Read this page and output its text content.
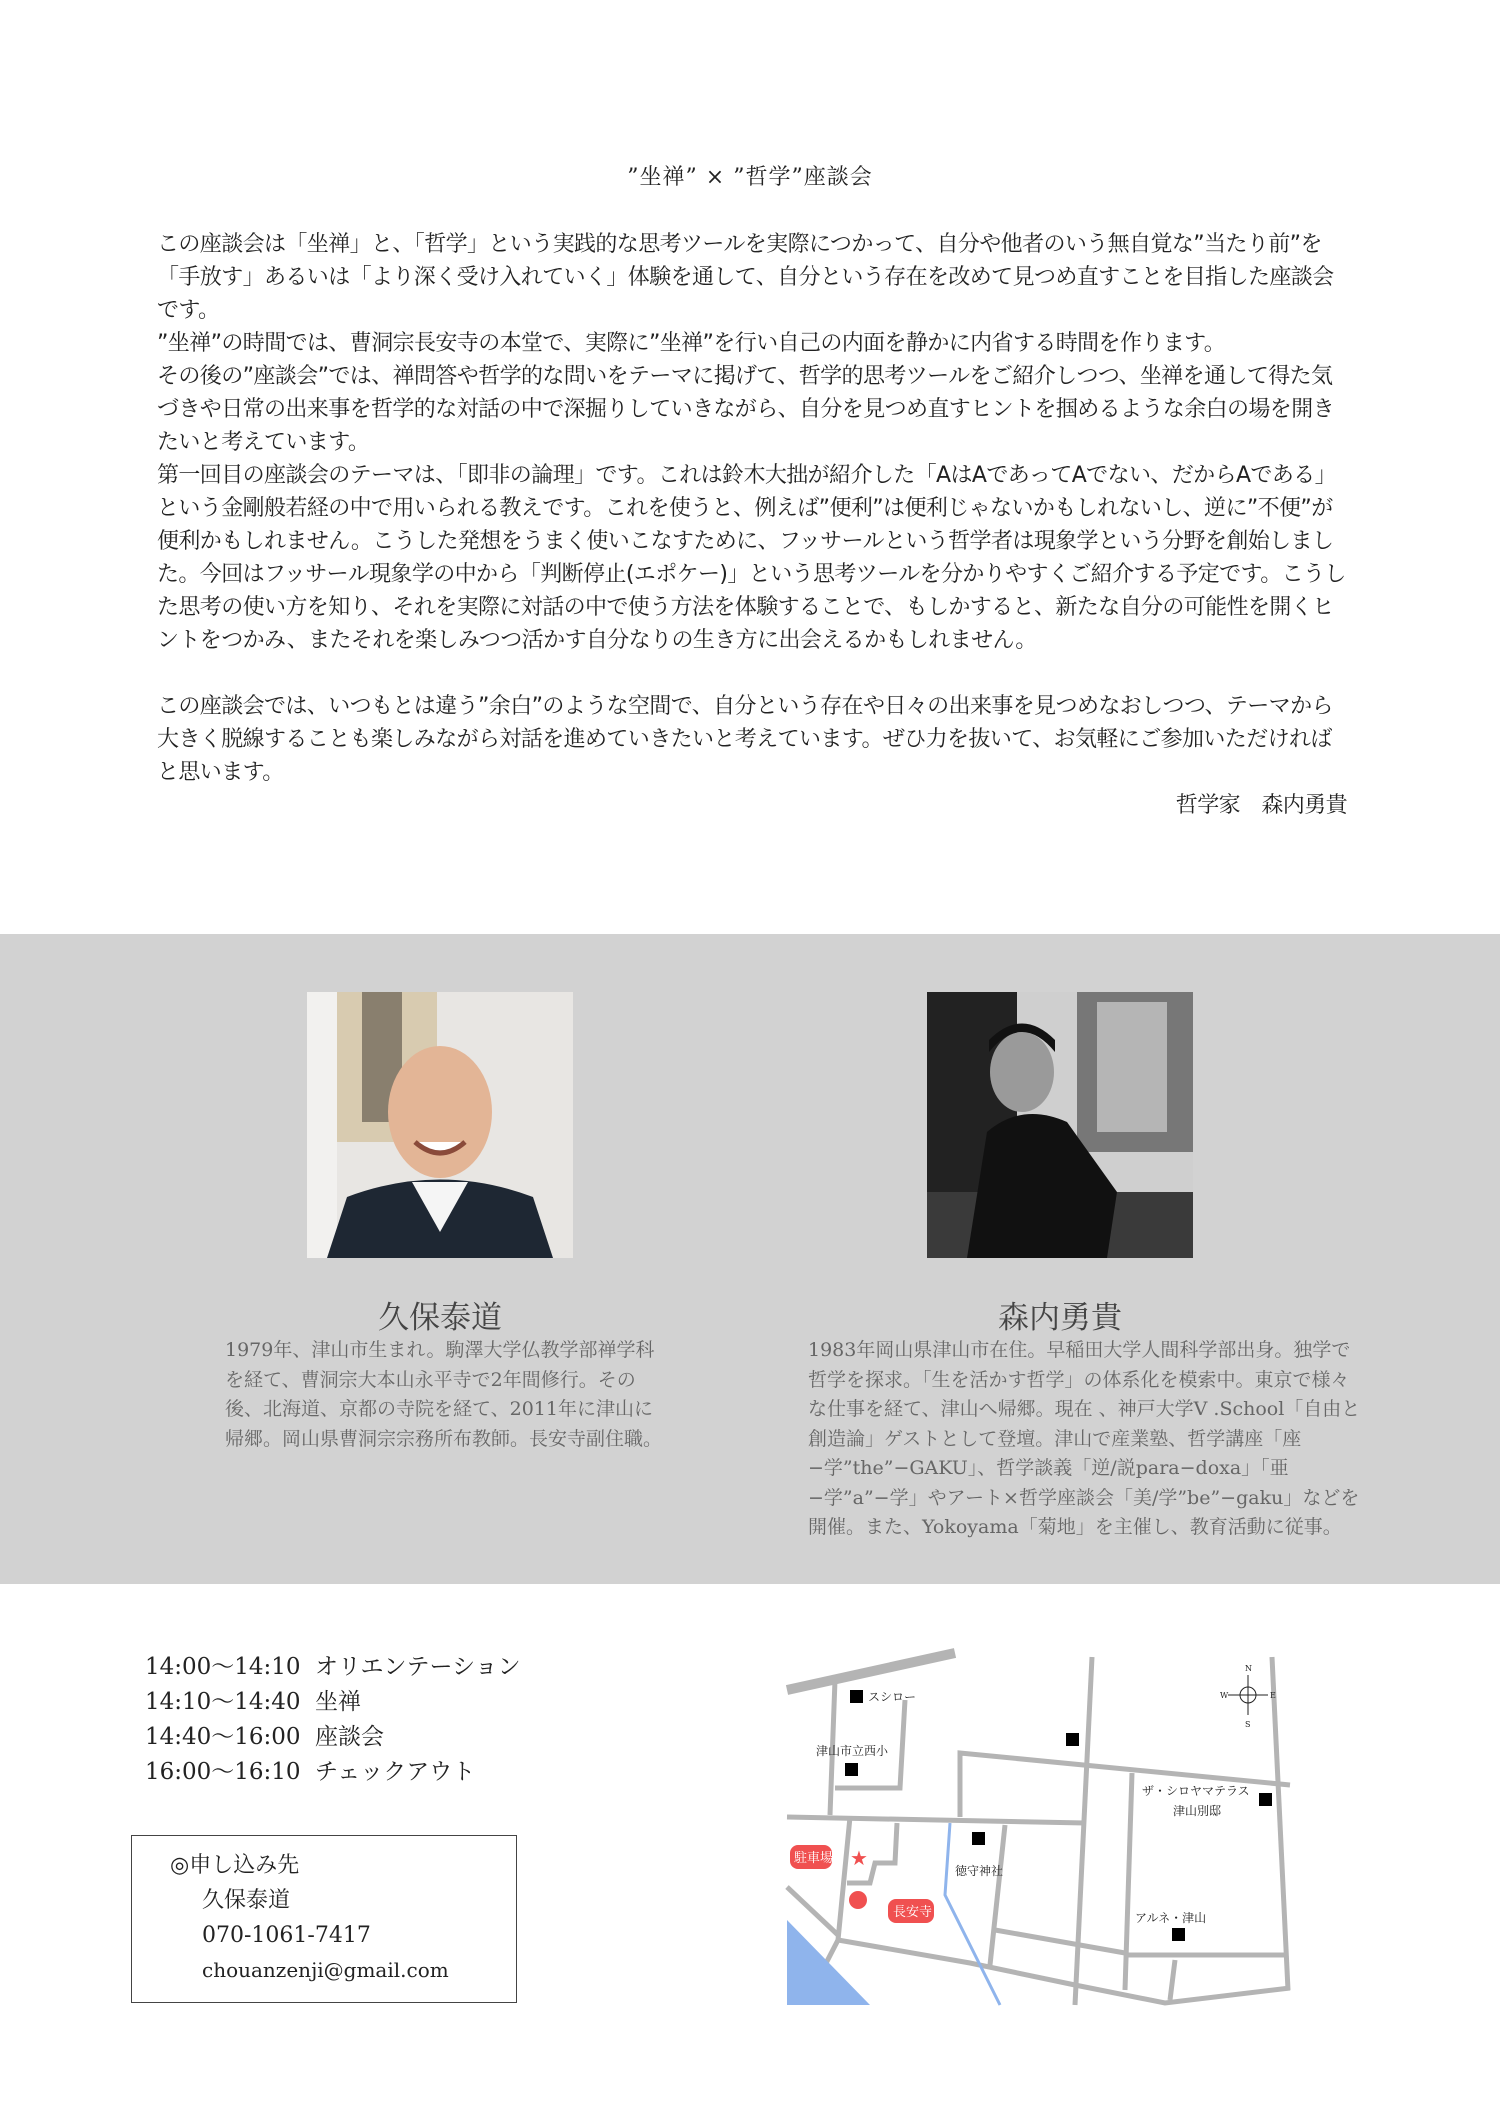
”坐禅” × ”哲学”座談会

この座談会は「坐禅」と、「哲学」という実践的な思考ツールを実際につかって、自分や他者のいう無自覚な”当たり前”を「手放す」あるいは「より深く受け入れていく」体験を通して、自分という存在を改めて見つめ直すことを目指した座談会です。

”坐禅”の時間では、曹洞宗長安寺の本堂で、実際に”坐禅”を行い自己の内面を静かに内省する時間を作ります。

その後の”座談会”では、禅問答や哲学的な問いをテーマに掲げて、哲学的思考ツールをご紹介しつつ、坐禅を通して得た気づきや日常の出来事を哲学的な対話の中で深掘りしていきながら、自分を見つめ直すヒントを掴めるような余白の場を開きたいと考えています。

第一回目の座談会のテーマは、「即非の論理」です。これは鈴木大拙が紹介した「AはAであってAでない、だからAである」という金剛般若経の中で用いられる教えです。これを使うと、例えば”便利”は便利じゃないかもしれないし、逆に”不便”が便利かもしれません。こうした発想をうまく使いこなすために、フッサールという哲学者は現象学という分野を創始しました。今回はフッサール現象学の中から「判断停止(エポケー)」という思考ツールを分かりやすくご紹介する予定です。こうした思考の使い方を知り、それを実際に対話の中で使う方法を体験することで、もしかすると、新たな自分の可能性を開くヒントをつかみ、またそれを楽しみつつ活かす自分なりの生き方に出会えるかもしれません。

この座談会では、いつもとは違う”余白”のような空間で、自分という存在や日々の出来事を見つめなおしつつ、テーマから大きく脱線することも楽しみながら対話を進めていきたいと考えています。ぜひ力を抜いて、お気軽にご参加いただければと思います。

哲学家　森内勇貴

久保泰道
1979年、津山市生まれ。駒澤大学仏教学部禅学科を経て、曹洞宗大本山永平寺で2年間修行。その後、北海道、京都の寺院を経て、2011年に津山に帰郷。岡山県曹洞宗宗務所布教師。長安寺副住職。
森内勇貴
1983年岡山県津山市在住。早稲田大学人間科学部出身。独学で哲学を探求。「生を活かす哲学」の体系化を模索中。東京で様々な仕事を経て、津山へ帰郷。現在 、神戸大学V .School「自由と創造論」ゲストとして登壇。津山で産業塾、哲学講座「座−学”the”−GAKU」、哲学談義「逆/説para−doxa」「亜−学”a”−学」やアート×哲学座談会「美/学”be”−gaku」などを開催。また、Yokoyama「菊地」を主催し、教育活動に従事。
14:00〜14:10 オリエンテーション
14:10〜14:40 坐禅
14:40〜16:00 座談会
16:00〜16:10 チェックアウト
◎申し込み先
久保泰道
070-1061-7417
chouanzenji@gmail.com
スシロー
津山市立西小
徳守神社
ザ・シロヤマテラス
津山別邸
アルネ・津山
駐車場 ★
長安寺
N
S
W	E
